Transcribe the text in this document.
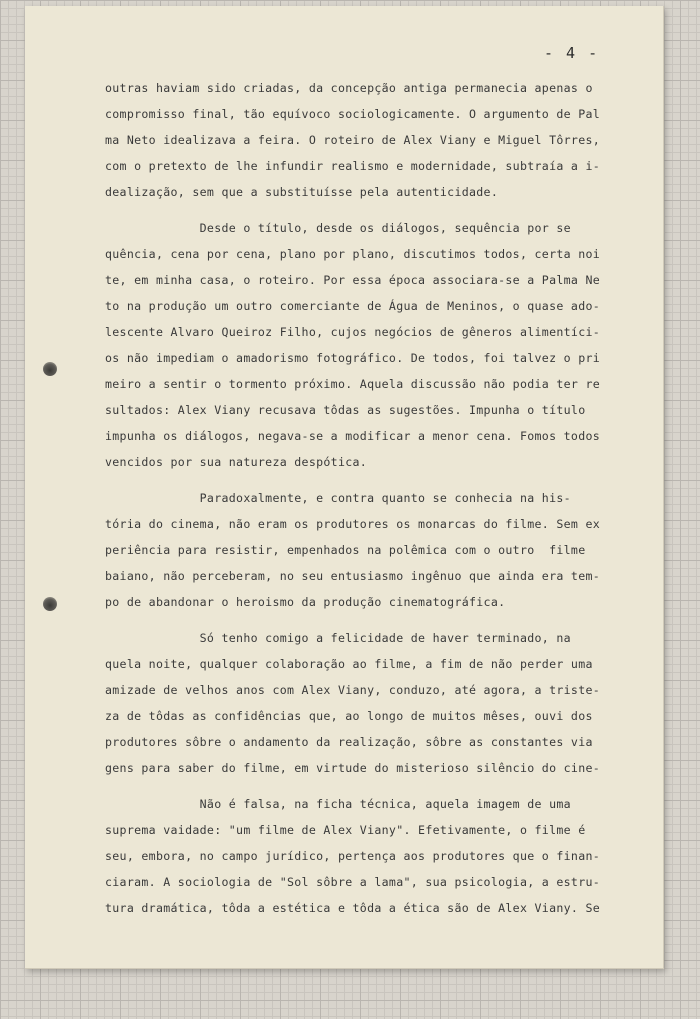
- 4 -
outras haviam sido criadas, da concepção antiga permanecia apenas o
compromisso final, tão equívoco sociologicamente. O argumento de Pal
ma Neto idealizava a feira. O roteiro de Alex Viany e Miguel Tôrres,
com o pretexto de lhe infundir realismo e modernidade, subtraía a i-
dealização, sem que a substituísse pela autenticidade.
Desde o título, desde os diálogos, sequência por se
quência, cena por cena, plano por plano, discutimos todos, certa noi
te, em minha casa, o roteiro. Por essa época associara-se a Palma Ne
to na produção um outro comerciante de Água de Meninos, o quase ado-
lescente Alvaro Queiroz Filho, cujos negócios de gêneros alimentíci-
os não impediam o amadorismo fotográfico. De todos, foi talvez o pri
meiro a sentir o tormento próximo. Aquela discussão não podia ter re
sultados: Alex Viany recusava tôdas as sugestões. Impunha o título
impunha os diálogos, negava-se a modificar a menor cena. Fomos todos
vencidos por sua natureza despótica.
Paradoxalmente, e contra quanto se conhecia na his-
tória do cinema, não eram os produtores os monarcas do filme. Sem ex
periência para resistir, empenhados na polêmica com o outro  filme
baiano, não perceberam, no seu entusiasmo ingênuo que ainda era tem-
po de abandonar o heroismo da produção cinematográfica.
Só tenho comigo a felicidade de haver terminado, na
quela noite, qualquer colaboração ao filme, a fim de não perder uma
amizade de velhos anos com Alex Viany, conduzo, até agora, a triste-
za de tôdas as confidências que, ao longo de muitos mêses, ouvi dos
produtores sôbre o andamento da realização, sôbre as constantes via
gens para saber do filme, em virtude do misterioso silêncio do cine-
Não é falsa, na ficha técnica, aquela imagem de uma
suprema vaidade: "um filme de Alex Viany". Efetivamente, o filme é
seu, embora, no campo jurídico, pertença aos produtores que o finan-
ciaram. A sociologia de "Sol sôbre a lama", sua psicologia, a estru-
tura dramática, tôda a estética e tôda a ética são de Alex Viany. Se
